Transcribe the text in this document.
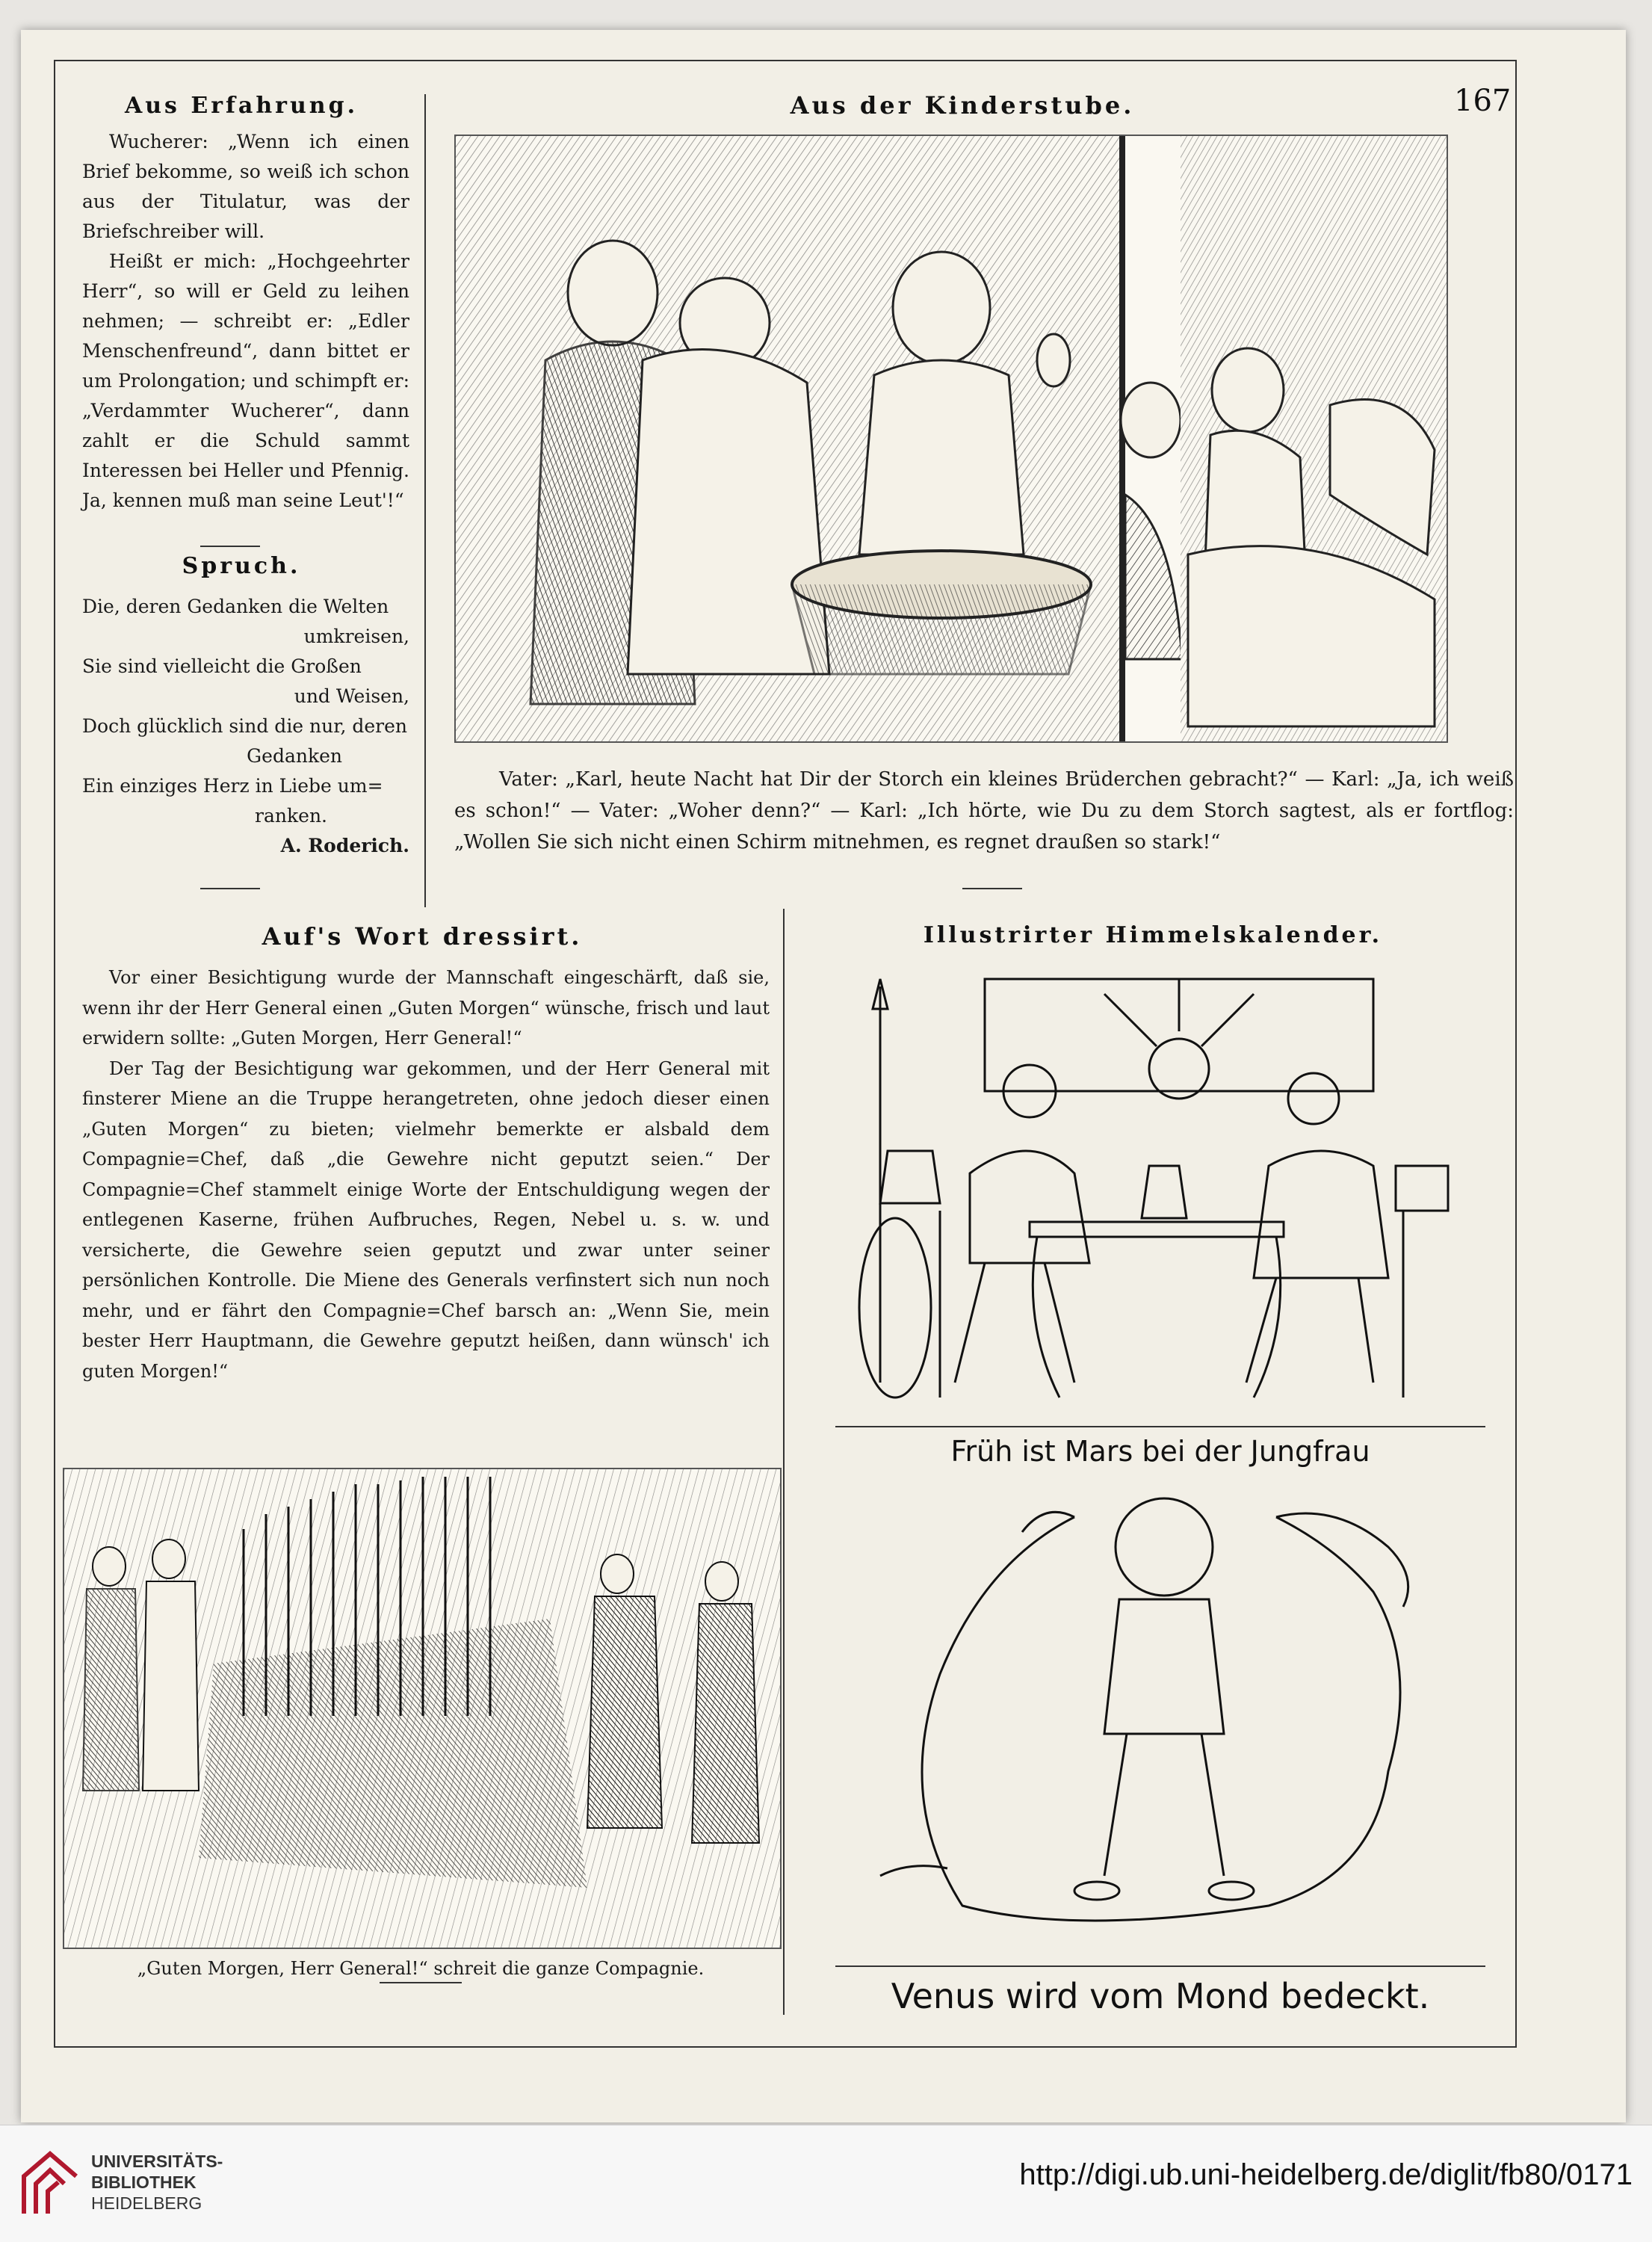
167
Aus Erfahrung.

Wucherer: „Wenn ich einen Brief bekomme, so weiß ich schon aus der Titulatur, was der Briefschreiber will.

Heißt er mich: „Hochgeehrter Herr“, so will er Geld zu leihen nehmen; — schreibt er: „Edler Menschenfreund“, dann bittet er um Prolongation; und schimpft er: „Verdammter Wucherer“, dann zahlt er die Schuld sammt Interessen bei Heller und Pfennig. Ja, kennen muß man seine Leut'!“

Spruch.

Die, deren Gedanken die Welten

umkreisen,

Sie sind vielleicht die Großen

und Weisen,

Doch glücklich sind die nur, deren

Gedanken

Ein einziges Herz in Liebe um=

ranken.

A. Roderich.

Aus der Kinderstube.
Vater: „Karl, heute Nacht hat Dir der Storch ein kleines Brüderchen gebracht?“ — Karl: „Ja, ich weiß es schon!“ — Vater: „Woher denn?“ — Karl: „Ich hörte, wie Du zu dem Storch sagtest, als er fortflog: „Wollen Sie sich nicht einen Schirm mitnehmen, es regnet draußen so stark!“
Auf's Wort dressirt.

Vor einer Besichtigung wurde der Mannschaft eingeschärft, daß sie, wenn ihr der Herr General einen „Guten Morgen“ wünsche, frisch und laut erwidern sollte: „Guten Morgen, Herr General!“

Der Tag der Besichtigung war gekommen, und der Herr General mit finsterer Miene an die Truppe herangetreten, ohne jedoch dieser einen „Guten Morgen“ zu bieten; vielmehr bemerkte er alsbald dem Compagnie=Chef, daß „die Gewehre nicht geputzt seien.“ Der Compagnie=Chef stammelt einige Worte der Entschuldigung wegen der entlegenen Kaserne, frühen Aufbruches, Regen, Nebel u. s. w. und versicherte, die Gewehre seien geputzt und zwar unter seiner persönlichen Kontrolle. Die Miene des Generals verfinstert sich nun noch mehr, und er fährt den Compagnie=Chef barsch an: „Wenn Sie, mein bester Herr Hauptmann, die Gewehre geputzt heißen, dann wünsch' ich guten Morgen!“

„Guten Morgen, Herr General!“ schreit die ganze Compagnie.
Illustrirter Himmelskalender.
Früh ist Mars bei der Jungfrau
Venus wird vom Mond bedeckt.
UNIVERSITÄTS-
BIBLIOTHEK
HEIDELBERG
http://digi.ub.uni-heidelberg.de/diglit/fb80/0171
